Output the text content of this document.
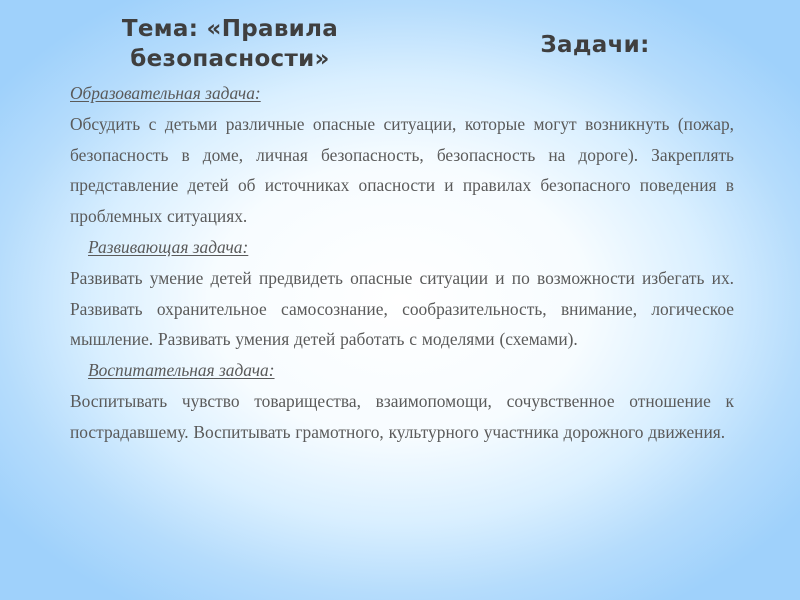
Тема: «Правила безопасности»
Задачи:
Образовательная задача:
Обсудить с детьми различные опасные ситуации, которые могут возникнуть (пожар, безопасность в доме, личная безопасность, безопасность на дороге). Закреплять представление детей об источниках опасности и правилах безопасного поведения в проблемных ситуациях.
Развивающая задача:
Развивать умение детей предвидеть опасные ситуации и по возможности избегать их. Развивать охранительное самосознание, сообразительность, внимание, логическое мышление. Развивать умения детей работать с моделями (схемами).
Воспитательная задача:
Воспитывать чувство товарищества, взаимопомощи, сочувственное отношение к пострадавшему. Воспитывать грамотного, культурного участника дорожного движения.
